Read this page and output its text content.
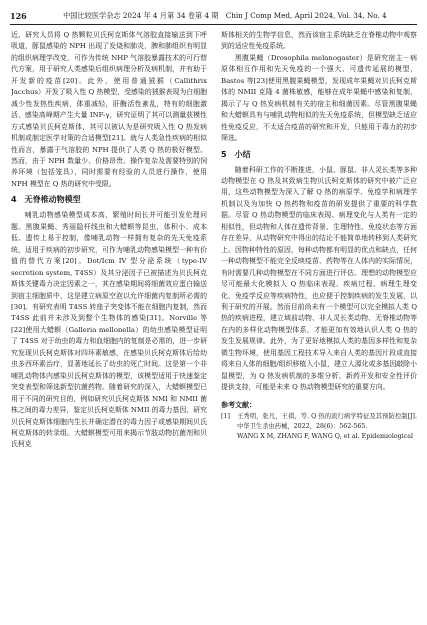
126	中国比较医学杂志 2024 年 4 月第 34 卷第 4 期　Chin J Comp Med, April 2024, Vol. 34, No. 4

近，研究人员将 Q 热颗粒贝氏柯克斯体气溶胶直接输送到下呼吸道，豚鼠感染的 NPH 出现了发烧和肺炎，脾和肺组织有明显的组织病理学改变，可作为传统 NHP 气溶胶暴露技术的可行替代方案，用于研究人类感染后组织病理分析及病机制，并有助于开发新的疫苗[20]。此外，使用普通狨猴（Callithrix Jacchus）开发了吸入性 Q 热模型，受感染的狨猴表现为白细胞减少性发热性疾病，体重减轻，肝酶活性紊乱，特有的细胞激活，感染高峰期产生大量 INF-γ，研究证明了其可以测量获模性方式感染贝氏柯克斯体，其可以被认为是研究吸入性 Q 热发病机制或制定医学对策的合适模型[21]。就与人类急性疾病的相似性而言，暴露于气溶胶的 NPH 提供了人类 Q 热的极好模型。然而，由于 NPH 数量少、价格昂贵、操作复杂及需要特别的饲养环境（包括笼具），同时需要有经验的人员进行操作，使用 NPH 模型在 Q 热的研究中受限。

4　无脊椎动物模型

哺乳动物感染模型成本高，繁殖时间长并可能引发伦理问题。黑腹果蝇、秀丽隐杆线虫和大蜡螟等昆虫，体积小、成本低、遗传上易于控制，像哺乳动物一样拥有复杂的先天免疫系统，适用于疾病的初步研究，可作为哺乳动物感染模型一种有价值的替代方案[20]。Dot/Icm IV 型分泌系统（type-IV secretion system, T4SS）及其分泌因子已被描述为贝氏柯克斯体关键毒力决定因素之一，其在感染期间将细菌效应蛋白输送到宿主细胞质中，这是建立病原空泡以允许细菌内复制所必需的[30]。有研究表明 T4SS 转座子突变体不能在细胞内复制，然而 T4SS 此前并未涉及到整个生物体的感染[31]。Norville 等[22]使用大蜡螟（Galleria mellonella）的幼虫感染模型证明了 T4SS 对于幼虫的毒力和血细胞内的复制是必需的，进一步研究发现贝氏柯克斯体对四环素敏感，在感染贝氏柯克斯体后给幼虫多西环素治疗，显著地延长了幼虫的死亡时间。这是第一个非哺乳动物体内感染贝氏柯克斯体的模型，该模型适用于快速鉴定突变表型和筛选新型抗菌药物。随着研究的深入，大蜡螟模型已用于不同的研究目的，例如研究贝氏柯克斯体 NMI 和 NMII 菌株之间的毒力差异，鉴定贝氏柯克斯体 NMII 的毒力基因，研究贝氏柯克斯体细胞内生长并确定潜在的毒力因子或感染期间贝氏柯克斯体的转录组。大蜡螟模型可用来揭示节肢动物抗菌剂和贝氏柯克

斯体相关的生物学信息，然而该宿主系统缺乏在脊椎动物中观察到的适应性免疫系统。

黑腹果蝇（Drosophila melanogaster）是研究宿主－病原体相互作用和先天免疫的一个强大、可遗传延展的模型，Bastos 等[23]使用黑腹果蝇模型，发现成年果蝇对贝氏柯克斯体的 NMII 克隆 4 菌株敏感，能够在成年果蝇中感染和复制，揭示了与 Q 热发病机制有关的宿主和细菌因素。尽管黑腹果蝇和大蜡螟具有与哺乳动物相似的先天免疫系统，但模型缺乏适应性免疫反应，不太适合疫苗的研究和开发，只能用于毒力的初步筛选。

5　小结

随着科研工作的不断推进，小鼠、豚鼠、非人灵长类等多种动物模型在 Q 热及其致病生物贝氏柯克斯体的研究中被广泛应用，这些动物模型为深入了解 Q 热的病原学、免疫学和病理学机制以及为加快 Q 热药物和疫苗的研发提供了重要的科学数据。尽管 Q 热动物模型的临床表现、病理变化与人类有一定的相似性，但动物和人体在遗传背景、生理特性、免疫状态等方面存在差异，从动物研究中得出的结论不能简单地转移到人类研究上。因物种特性的原因，每种动物都有明显的优点和缺点，任何一种动物模型不能完全反映疫苗、药物等在人体内的实际情况，有时需要几种动物模型在不同方面进行评估。理想的动物模型应尽可能最大化模拟人 Q 热临床表现、疾病过程、病理生理变化、免疫学反应等疾病特性，也应便于控制疾病的发生发展，以利于研究的开展。然而目前尚未有一个模型可以完全模拟人类 Q 热的疾病进程，建立域前动物、非人灵长类动物、无脊椎动物等在内的多样化动物模型体系，才能更加有效地认识人类 Q 热的发生发展规律。此外，为了更好地模拟人类的基因多样性和复杂微生物环境，使用基因工程技术导入来自人类的基因片段或直接将来自人体的细胞/组织移植入小鼠，建立人源化或多基因敲除小鼠模型，为 Q 热发病机制的多维分析、新药开发和安全性评价提供支持，可能是未来 Q 热动物模型研究的重要方向。

参考文献：
[1]	王秀明，张凡，王祺，等. Q 热的流行病学特征及其预防控制[J]. 中华卫生杀虫药械，2022，28(6)：562-565.
WANG X M, ZHANG F, WANG Q, et al. Epidemiological
